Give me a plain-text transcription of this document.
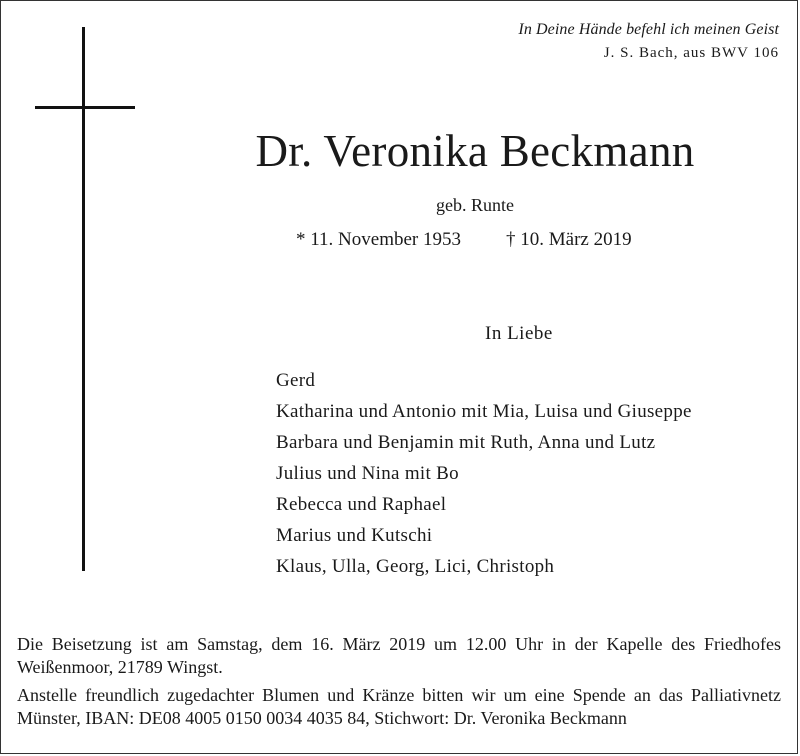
In Deine Hände befehl ich meinen Geist
J. S. Bach, aus BWV 106
Dr. Veronika Beckmann
geb. Runte
* 11. November 1953 † 10. März 2019
In Liebe
Gerd
Katharina und Antonio mit Mia, Luisa und Giuseppe
Barbara und Benjamin mit Ruth, Anna und Lutz
Julius und Nina mit Bo
Rebecca und Raphael
Marius und Kutschi
Klaus, Ulla, Georg, Lici, Christoph

Die Beisetzung ist am Samstag, dem 16. März 2019 um 12.00 Uhr in der Kapelle des Friedhofes Weißenmoor, 21789 Wingst.

Anstelle freundlich zugedachter Blumen und Kränze bitten wir um eine Spende an das Palliativnetz Münster, IBAN: DE08 4005 0150 0034 4035 84, Stichwort: Dr. Veronika Beckmann
